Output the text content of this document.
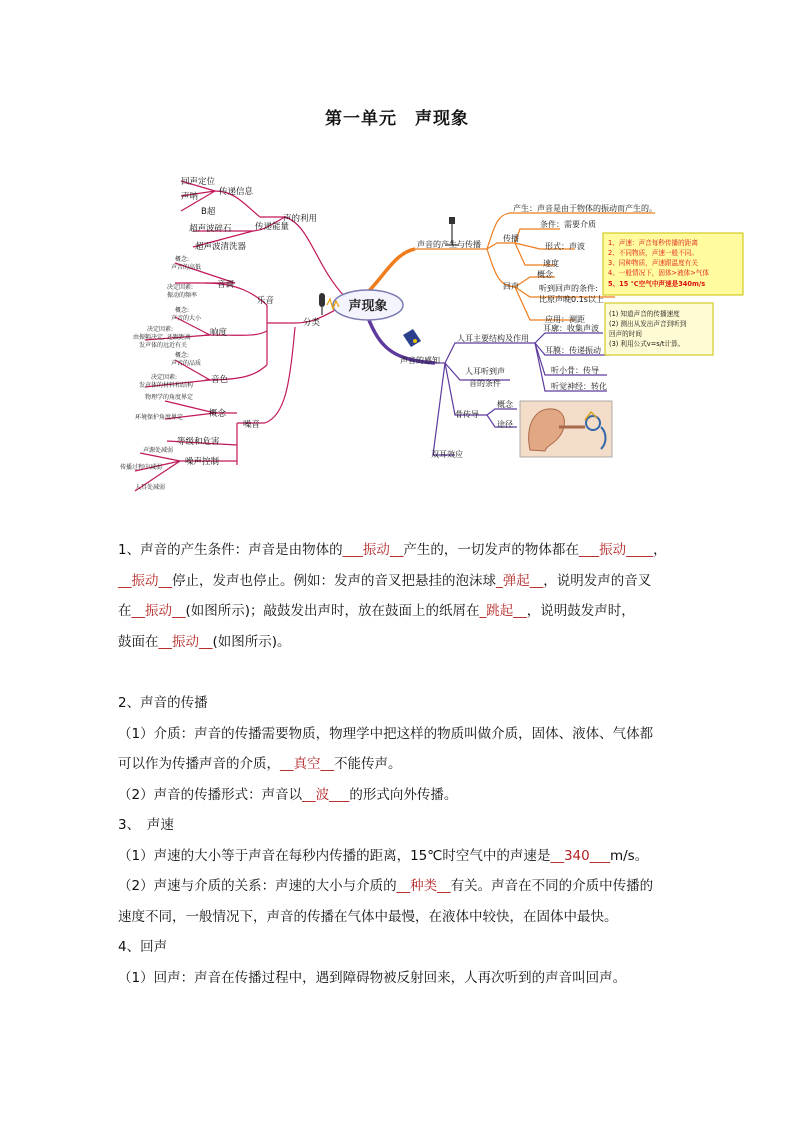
第一单元　声现象
声现象
声的利用
传递信息
回声定位
声呐
B超
传递能量
超声波碎石
超声波清洗器
分类
乐音
音调
响度
音色
概念:
声音的高低
决定因素:
振动的频率
概念:
声音的大小
决定因素:
由振幅决定, 还跟距离
发声体的远近有关
概念:
声音的品质
决定因素:
发声体的材料和结构
物理学的角度界定
环境保护角度界定
声源处减弱
传播过程中减弱
人耳处减弱
噪音
概念
等级和危害
噪声控制
声音的产生与传播
产生：声音是由于物体的振动而产生的。
传播
条件：需要介质
形式：声波
速度
回声
概念
听到回声的条件:
比原声晚0.1s以上
应用：测距
声音的感知
人耳主要结构及作用
耳廓：收集声波
耳膜：传递振动
听小骨：传导
听觉神经：转化
人耳听到声
音的条件
骨传导
概念
途径
双耳效应
1、声速：声音每秒传播的距离
2、不同物质，声速一般不同。
3、同种物质，声速跟温度有关
4、一般情况下，固体>液体>气体
5、15 ℃空气中声速是340m/s
(1) 知道声音的传播速度
(2) 测出从发出声音到听到
回声的时间
(3) 利用公式v=s/t计算。
1、声音的产生条件：声音是由物体的___振动__产生的，一切发声的物体都在___振动____，
__振动__停止，发声也停止。例如：发声的音叉把悬挂的泡沫球_弹起__，说明发声的音叉
在__振动__(如图所示)；敲鼓发出声时，放在鼓面上的纸屑在_跳起__，说明鼓发声时，
鼓面在__振动__(如图所示)。
2、声音的传播
（1）介质：声音的传播需要物质，物理学中把这样的物质叫做介质，固体、液体、气体都
可以作为传播声音的介质，__真空__不能传声。
（2）声音的传播形式：声音以__波___的形式向外传播。
3、　声速
（1）声速的大小等于声音在每秒内传播的距离，15℃时空气中的声速是__340___m/s。
（2）声速与介质的关系：声速的大小与介质的__种类__有关。声音在不同的介质中传播的
速度不同，一般情况下，声音的传播在气体中最慢，在液体中较快，在固体中最快。
4、回声
（1）回声：声音在传播过程中，遇到障碍物被反射回来，人再次听到的声音叫回声。
